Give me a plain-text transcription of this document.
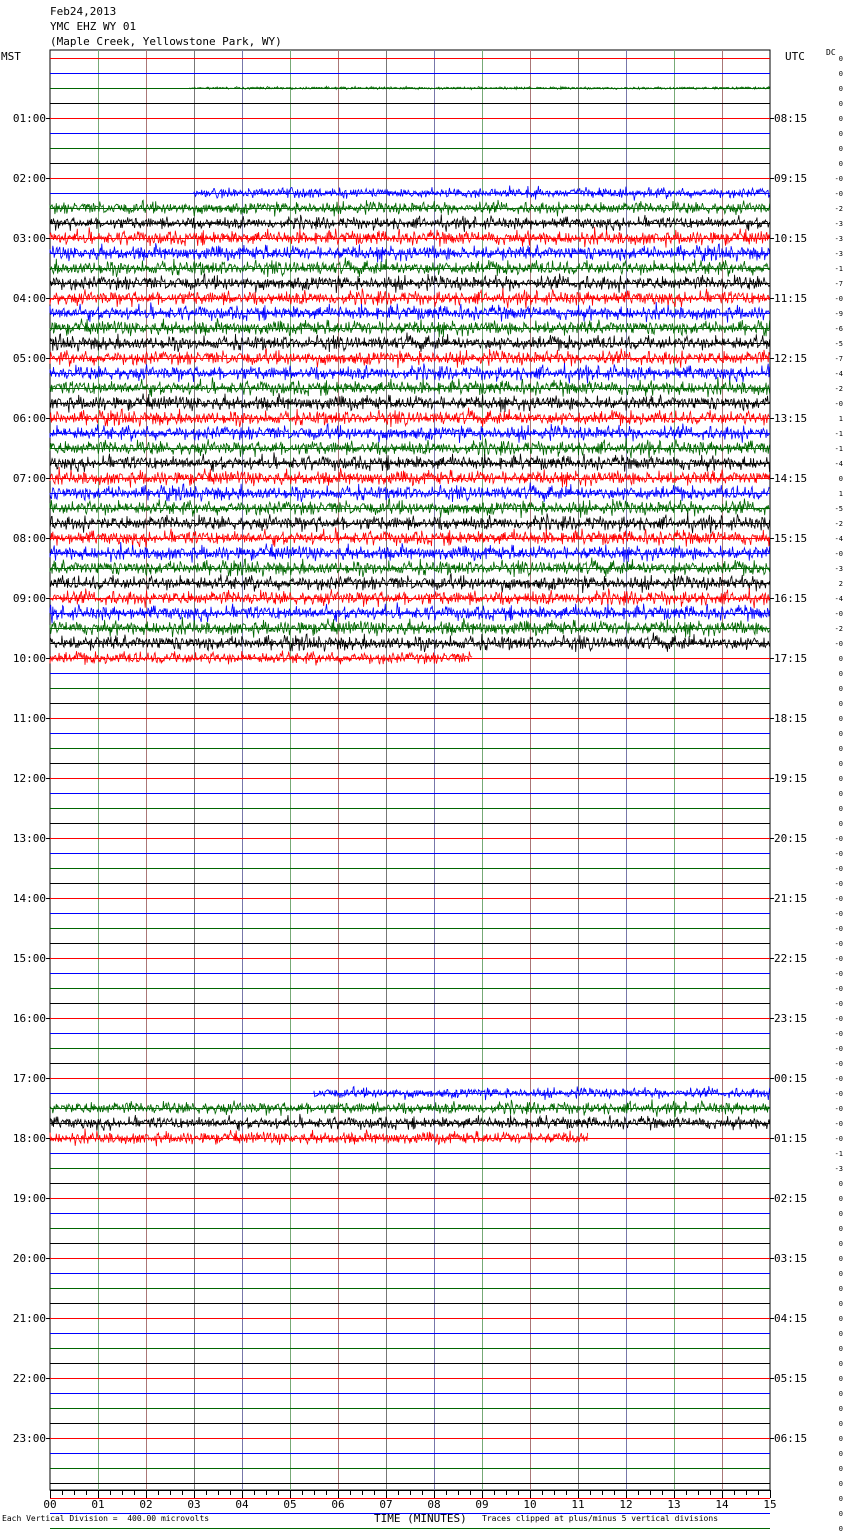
Feb24,2013
YMC EHZ WY 01
(Maple Creek, Yellowstone Park, WY)
MST	UTC	DC
01:00	08:15
02:00	09:15
03:00	10:15
04:00	11:15
05:00	12:15
06:00	13:15
07:00	14:15
08:00	15:15
09:00	16:15
10:00	17:15
11:00	18:15
12:00	19:15
13:00	20:15
14:00	21:15
15:00	22:15
16:00	23:15
17:00	00:15
18:00	01:15
19:00	02:15
20:00	03:15
21:00	04:15
22:00	05:15
23:00	06:15
0
0
0
0
0
0
0
0
-0
-0
-2
-3
-3
-3
-1
-7
-0
-9
-6
-5
-7
-4
-2
-0
1
-1
-1
-4
0
1
-5
-2
-4
-0
-3
2
-4
-0
-2
-0
0
0
0
0
0
0
0
0
0
0
0
0
-0
-0
-0
-0
-0
-0
-0
-0
-0
-0
-0
-0
-0
-0
-0
-0
-0
-0
-0
-0
-0
-1
-3
0
0
0
0
0
0
0
0
0
0
0
0
0
0
0
0
0
0
0
0
0
0
0
0
00	01	02	03	04	05	06	07	08	09	10	11	12	13	14	15
Each Vertical Division =  400.00 microvolts	TIME (MINUTES) Traces clipped at plus/minus 5 vertical divisions
